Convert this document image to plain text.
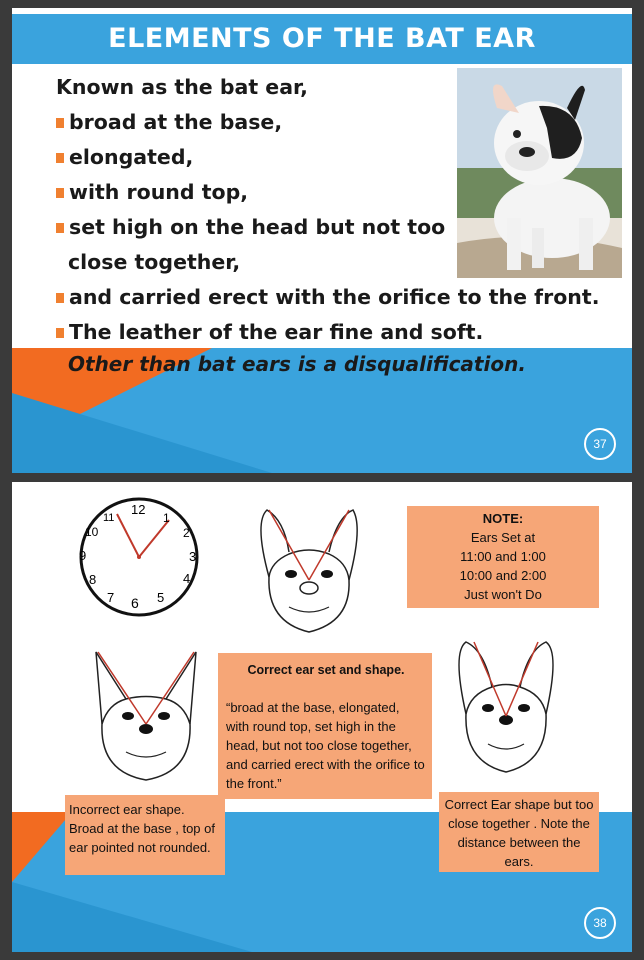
ELEMENTS OF THE BAT EAR
Known as the bat ear,
broad at the base,
elongated,
with round top,
set high on the head but not too
close together,
and carried erect with the orifice to the front.
The leather of the ear fine and soft.
Other than bat ears is a disqualification.
37
12
11	1
10	2
9	3
8	4
7 6 5
NOTE:
Ears Set at
11:00 and 1:00
10:00 and 2:00
Just won't Do
Correct ear set and shape.
“broad at the base, elongated, with round top, set high in the head, but not too close together, and carried erect with the orifice to the front.”
Incorrect ear shape. Broad at the base , top of ear pointed not rounded.
Correct Ear shape but too close together . Note the distance between the ears.
38
